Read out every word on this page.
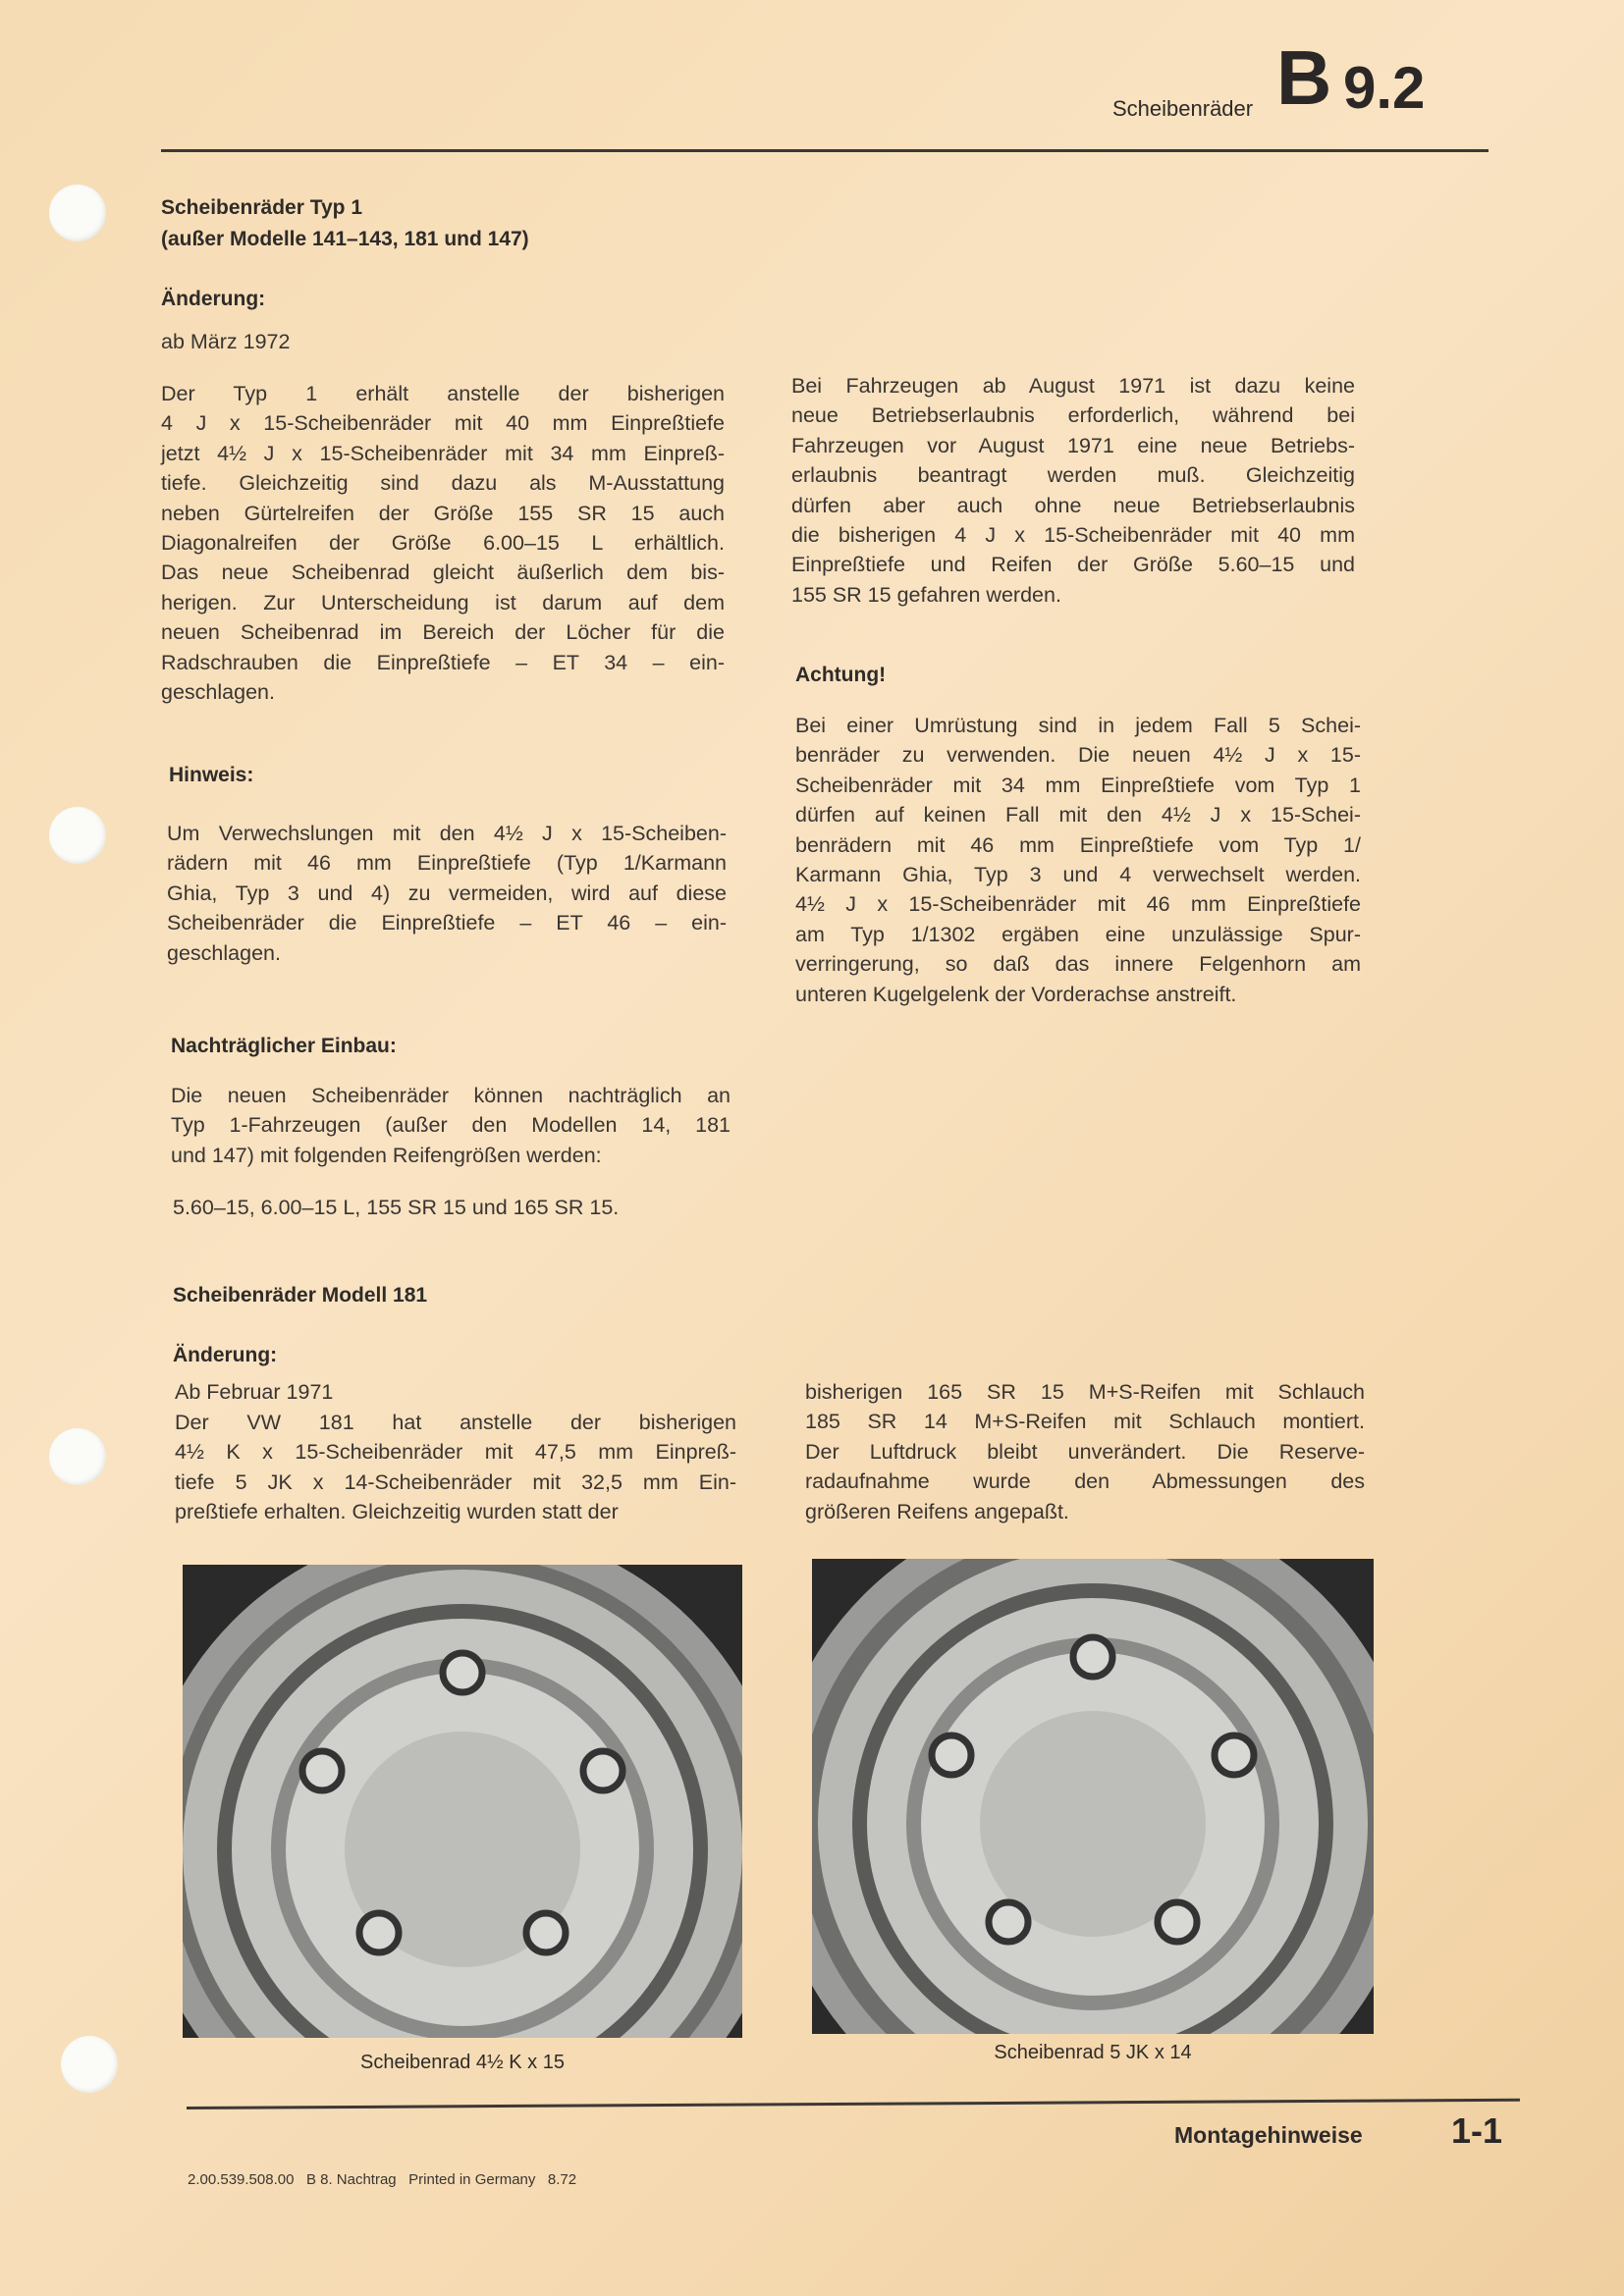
Scheibenräder B 9.2
Scheibenräder Typ 1
(außer Modelle 141–143, 181 und 147)
Änderung:
ab März 1972
Der Typ 1 erhält anstelle der bisherigen
4 J x 15-Scheibenräder mit 40 mm Einpreßtiefe
jetzt 4½ J x 15-Scheibenräder mit 34 mm Einpreß-
tiefe. Gleichzeitig sind dazu als M-Ausstattung
neben Gürtelreifen der Größe 155 SR 15 auch
Diagonalreifen der Größe 6.00–15 L erhältlich.
Das neue Scheibenrad gleicht äußerlich dem bis-
herigen. Zur Unterscheidung ist darum auf dem
neuen Scheibenrad im Bereich der Löcher für die
Radschrauben die Einpreßtiefe – ET 34 – ein-
geschlagen.
Hinweis:
Um Verwechslungen mit den 4½ J x 15-Scheiben-
rädern mit 46 mm Einpreßtiefe (Typ 1/Karmann
Ghia, Typ 3 und 4) zu vermeiden, wird auf diese
Scheibenräder die Einpreßtiefe – ET 46 – ein-
geschlagen.
Nachträglicher Einbau:
Die neuen Scheibenräder können nachträglich an
Typ 1-Fahrzeugen (außer den Modellen 14, 181
und 147) mit folgenden Reifengrößen werden:
5.60–15, 6.00–15 L, 155 SR 15 und 165 SR 15.
Bei Fahrzeugen ab August 1971 ist dazu keine
neue Betriebserlaubnis erforderlich, während bei
Fahrzeugen vor August 1971 eine neue Betriebs-
erlaubnis beantragt werden muß. Gleichzeitig
dürfen aber auch ohne neue Betriebserlaubnis
die bisherigen 4 J x 15-Scheibenräder mit 40 mm
Einpreßtiefe und Reifen der Größe 5.60–15 und
155 SR 15 gefahren werden.
Achtung!
Bei einer Umrüstung sind in jedem Fall 5 Schei-
benräder zu verwenden. Die neuen 4½ J x 15-
Scheibenräder mit 34 mm Einpreßtiefe vom Typ 1
dürfen auf keinen Fall mit den 4½ J x 15-Schei-
benrädern mit 46 mm Einpreßtiefe vom Typ 1/
Karmann Ghia, Typ 3 und 4 verwechselt werden.
4½ J x 15-Scheibenräder mit 46 mm Einpreßtiefe
am Typ 1/1302 ergäben eine unzulässige Spur-
verringerung, so daß das innere Felgenhorn am
unteren Kugelgelenk der Vorderachse anstreift.
Scheibenräder Modell 181
Änderung:
Ab Februar 1971
Der VW 181 hat anstelle der bisherigen
4½ K x 15-Scheibenräder mit 47,5 mm Einpreß-
tiefe 5 JK x 14-Scheibenräder mit 32,5 mm Ein-
preßtiefe erhalten. Gleichzeitig wurden statt der
bisherigen 165 SR 15 M+S-Reifen mit Schlauch
185 SR 14 M+S-Reifen mit Schlauch montiert.
Der Luftdruck bleibt unverändert. Die Reserve-
radaufnahme wurde den Abmessungen des
größeren Reifens angepaßt.
Scheibenrad 4½ K x 15	Scheibenrad 5 JK x 14
Montagehinweise	1-1
2.00.539.508.00   B 8. Nachtrag   Printed in Germany   8.72
